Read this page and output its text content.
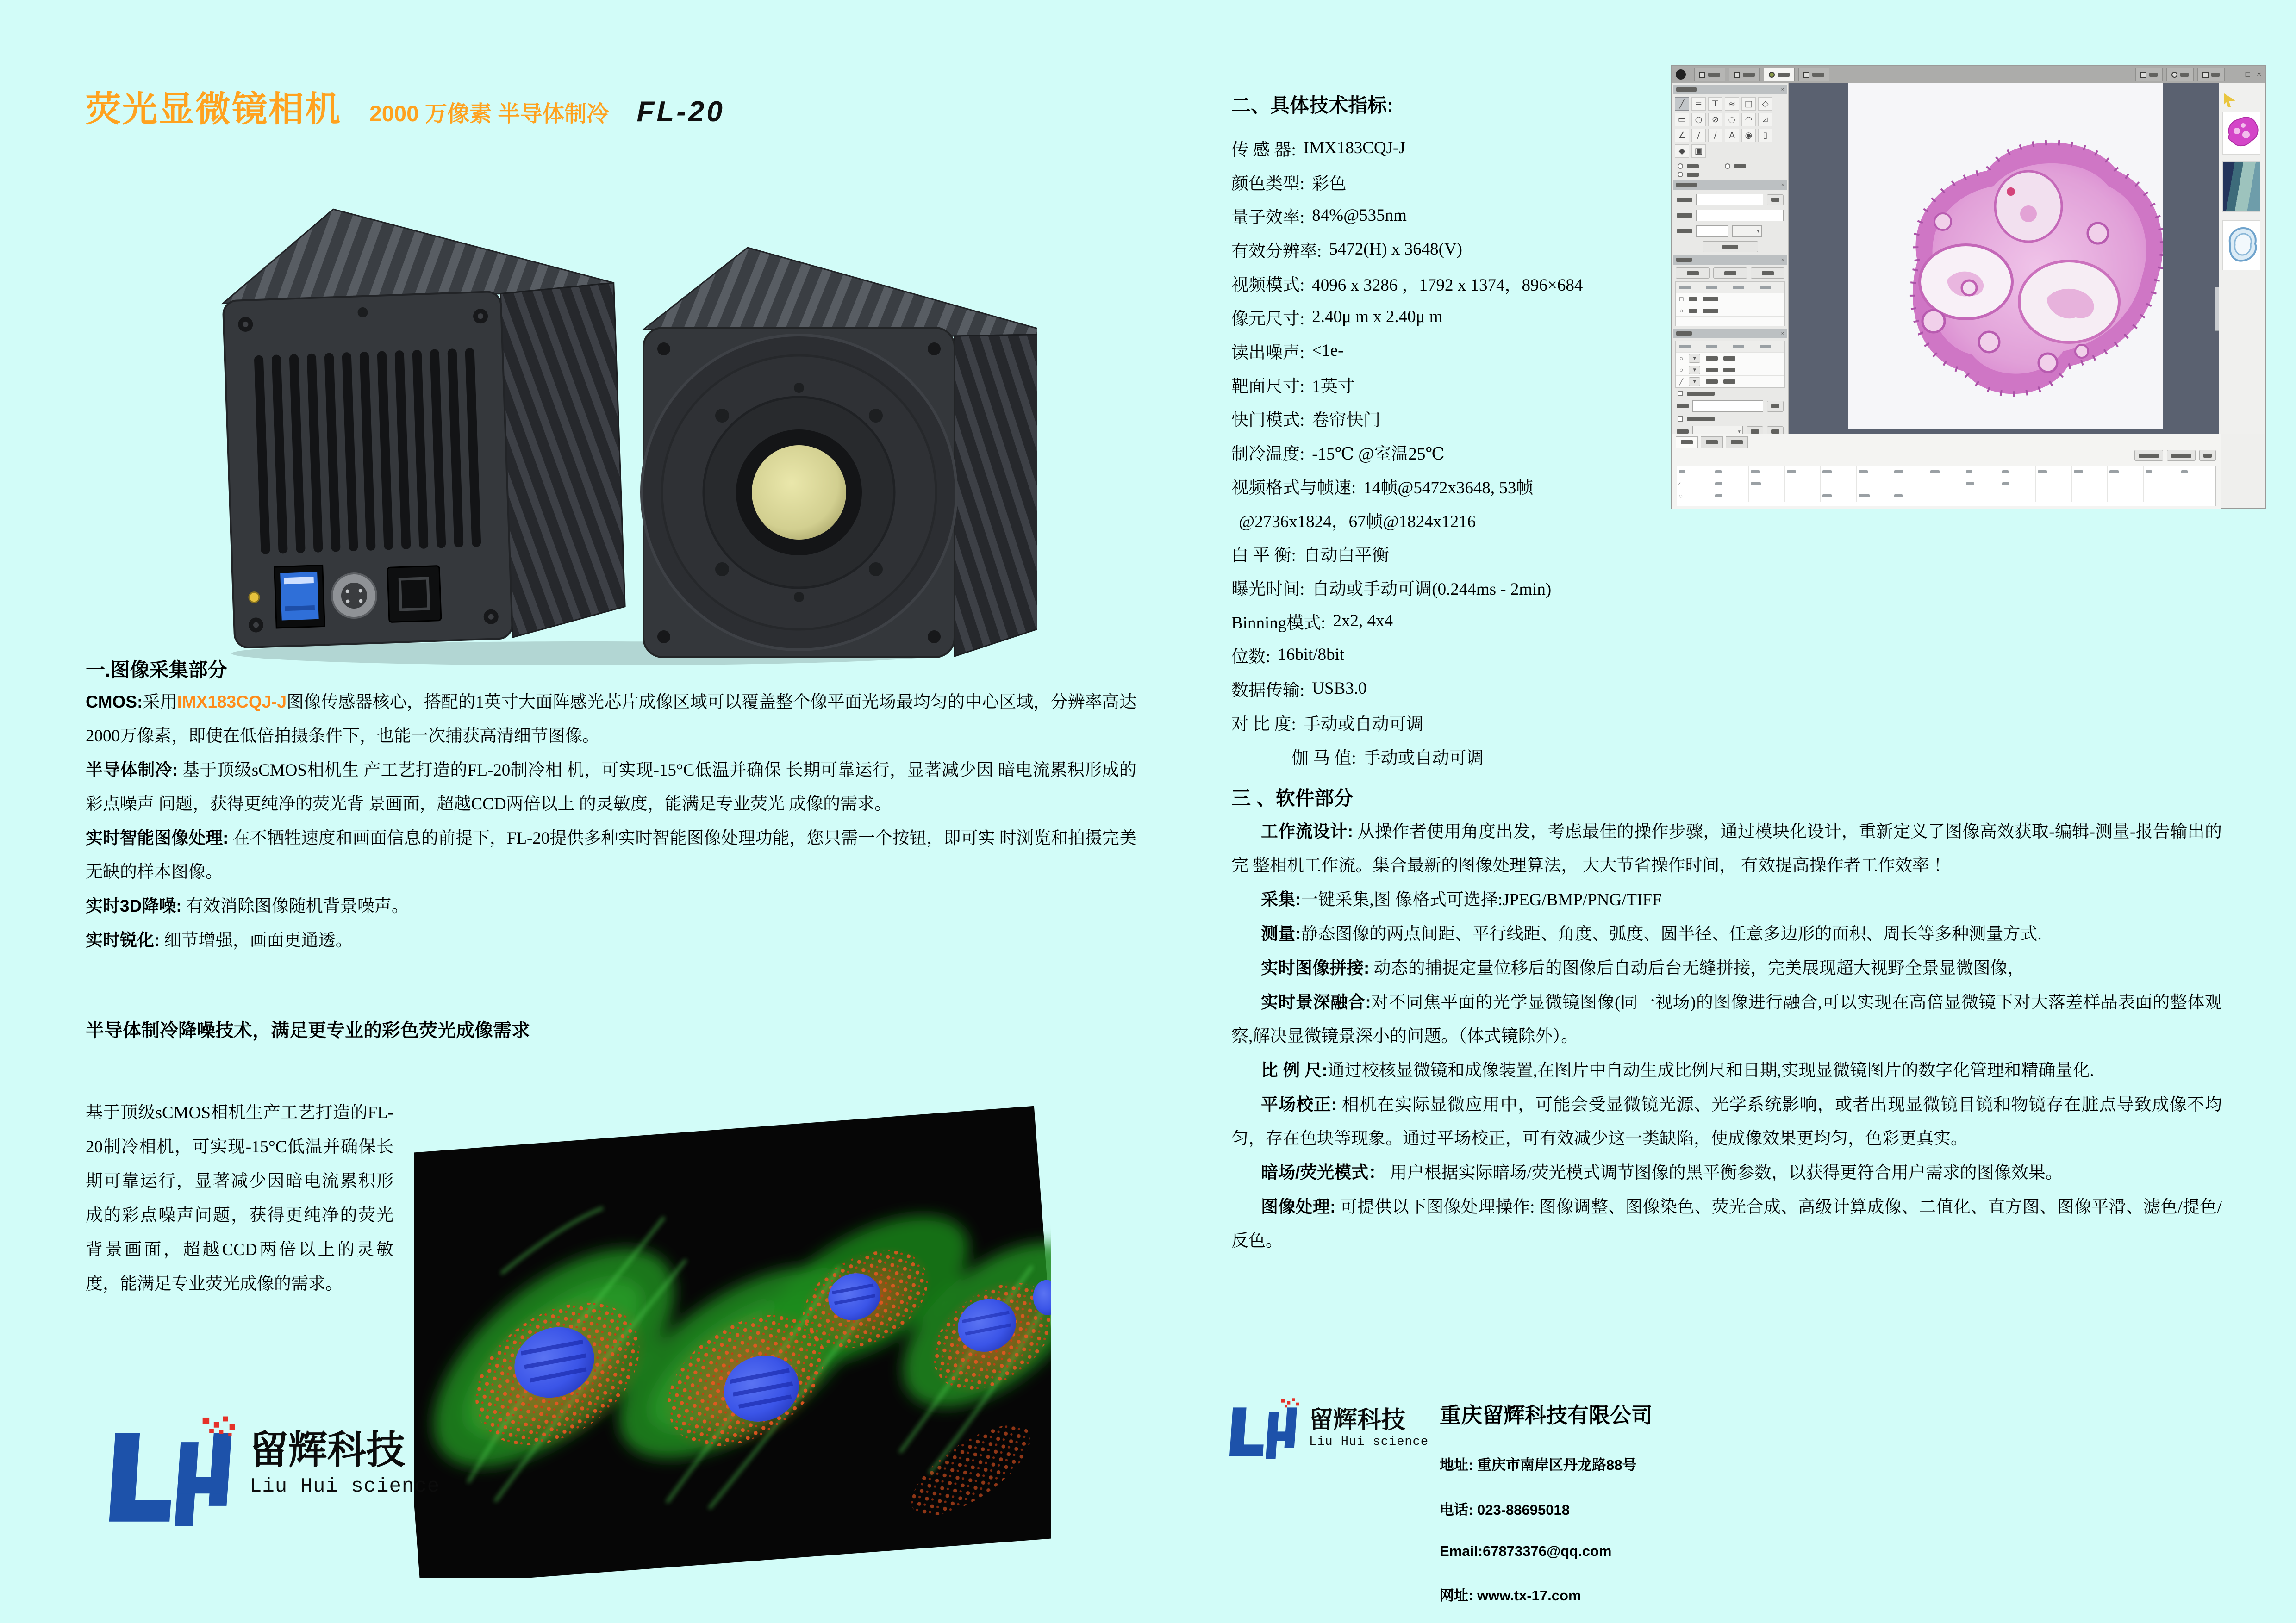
荧光显微镜相机 2000 万像素 半导体制冷 FL-20
一.图像采集部分

CMOS:采用IMX183CQJ-J图像传感器核心，搭配的1英寸大面阵感光芯片成像区域可以覆盖整个像平面光场最均匀的中心区域，分辨率高达2000万像素，即使在低倍拍摄条件下，也能一次捕获高清细节图像。

半导体制冷: 基于顶级sCMOS相机生 产工艺打造的FL-20制冷相 机，可实现-15°C低温并确保 长期可靠运行，显著减少因 暗电流累积形成的彩点噪声 问题，获得更纯净的荧光背 景画面，超越CCD两倍以上 的灵敏度，能满足专业荧光 成像的需求。

实时智能图像处理: 在不牺牲速度和画面信息的前提下，FL-20提供多种实时智能图像处理功能，您只需一个按钮，即可实 时浏览和拍摄完美无缺的样本图像。

实时3D降噪: 有效消除图像随机背景噪声。

实时锐化: 细节增强，画面更通透。

半导体制冷降噪技术，满足更专业的彩色荧光成像需求
基于顶级sCMOS相机生产工艺打造的FL-20制冷相机，可实现-15°C低温并确保长期可靠运行，显著减少因暗电流累积形成的彩点噪声问题，获得更纯净的荧光背景画面，超越CCD两倍以上的灵敏度，能满足专业荧光成像的需求。
留辉科技
Liu Hui science
二、具体技术指标:
传 感 器: IMX183CQJ-J
颜色类型: 彩色
量子效率: 84%@535nm
有效分辨率: 5472(H) x 3648(V)
视频模式: 4096 x 3286 ，1792 x 1374，896×684
像元尺寸: 2.40μ m x 2.40μ m
读出噪声: <1e-
靶面尺寸: 1英寸
快门模式: 卷帘快门
制冷温度: -15℃ @室温25℃
视频格式与帧速: 14帧@5472x3648, 53帧
@2736x1824，67帧@1824x1216
白 平 衡: 自动白平衡
曝光时间: 自动或手动可调(0.244ms - 2min)
Binning模式: 2x2, 4x4
位数: 16bit/8bit
数据传输: USB3.0
对 比 度: 手动或自动可调
伽 马 值: 手动或自动可调
三 、软件部分

工作流设计: 从操作者使用角度出发，考虑最佳的操作步骤，通过模块化设计，重新定义了图像高效获取-编辑-测量-报告输出的完 整相机工作流。集合最新的图像处理算法， 大大节省操作时间， 有效提高操作者工作效率 ！

采集:一键采集,图 像格式可选择:JPEG/BMP/PNG/TIFF

测量:静态图像的两点间距、平行线距、角度、弧度、圆半径、任意多边形的面积、周长等多种测量方式.

实时图像拼接: 动态的捕捉定量位移后的图像后自动后台无缝拼接，完美展现超大视野全景显微图像，

实时景深融合:对不同焦平面的光学显微镜图像(同一视场)的图像进行融合,可以实现在高倍显微镜下对大落差样品表面的整体观察,解决显微镜景深小的问题。（体式镜除外）。

比 例 尺:通过校核显微镜和成像装置,在图片中自动生成比例尺和日期,实现显微镜图片的数字化管理和精确量化.

平场校正: 相机在实际显微应用中，可能会受显微镜光源、光学系统影响，或者出现显微镜目镜和物镜存在脏点导致成像不均匀，存在色块等现象。通过平场校正，可有效减少这一类缺陷，使成像效果更均匀，色彩更真实。

暗场/荧光模式： 用户根据实际暗场/荧光模式调节图像的黑平衡参数，以获得更符合用户需求的图像效果。

图像处理: 可提供以下图像处理操作: 图像调整、图像染色、荧光合成、高级计算成像、二值化、直方图、图像平滑、滤色/提色/反色。

— □ ×
×
╱	═	⊤	≈	□	◇
▭	○	⊘	◌	◠	⊿
∠	/	∕	A	◉	▯
◆	▣
×
▾
×
□
○
×
○	▾
○	▾
╱	▾
▾
∕
◌
留辉科技
Liu Hui science
重庆留辉科技有限公司
地址: 重庆市南岸区丹龙路88号
电话: 023-88695018
Email:67873376@qq.com
网址: www.tx-17.com
